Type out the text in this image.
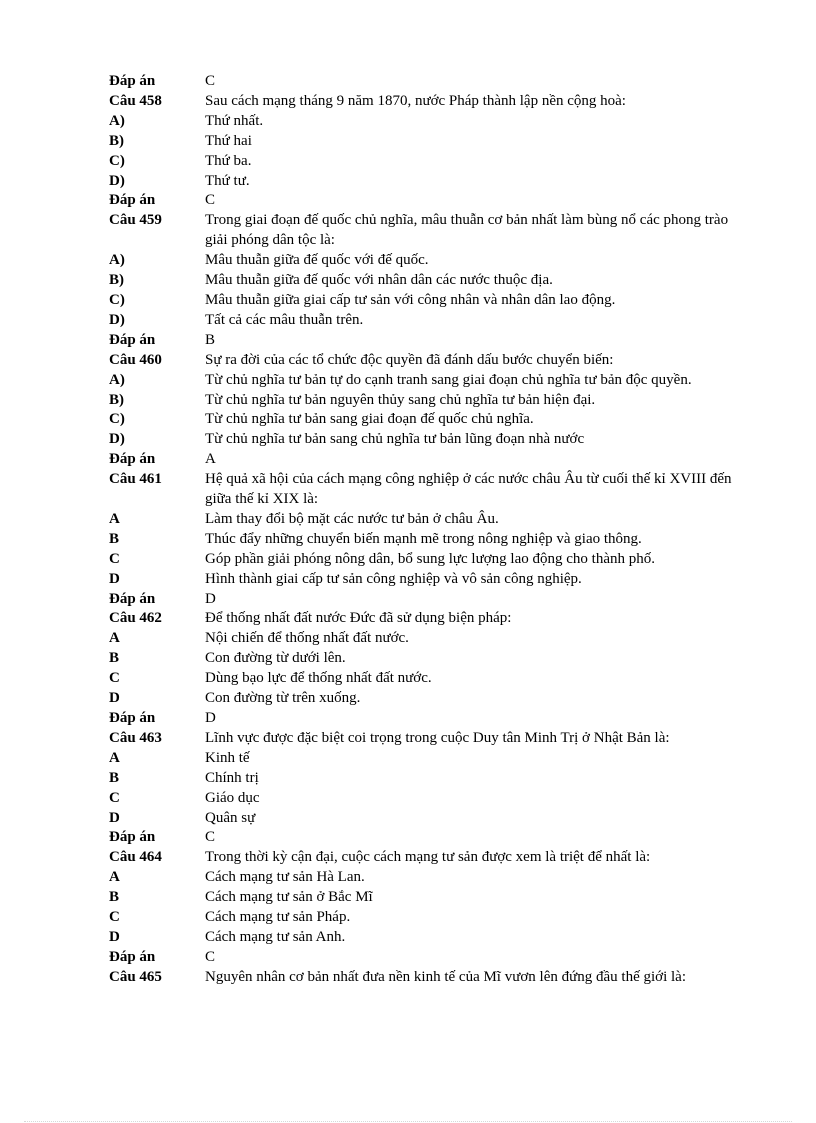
Đáp án	C
Câu 458	Sau cách mạng tháng 9 năm 1870, nước Pháp thành lập nền cộng hoà:
A)	Thứ nhất.
B)	Thứ hai
C)	Thứ ba.
D)	Thứ tư.
Đáp án	C
Câu 459	Trong giai đoạn đế quốc chủ nghĩa, mâu thuẫn cơ bản nhất làm bùng nổ các phong trào giải phóng dân tộc là:
A)	Mâu thuẫn giữa đế quốc với đế quốc.
B)	Mâu thuẫn giữa đế quốc với nhân dân các nước thuộc địa.
C)	Mâu thuẫn giữa giai cấp tư sản với công nhân và nhân dân lao động.
D)	Tất cả các mâu thuẫn trên.
Đáp án	B
Câu 460	Sự ra đời của các tổ chức độc quyền đã đánh dấu bước chuyển biến:
A)	Từ chủ nghĩa tư bản tự do cạnh tranh sang giai đoạn chủ nghĩa tư bản độc quyền.
B)	Từ chủ nghĩa tư bản nguyên thủy sang chủ nghĩa tư bản hiện đại.
C)	Từ chủ nghĩa tư bản sang giai đoạn đế quốc chủ nghĩa.
D)	Từ chủ nghĩa tư bản sang chủ nghĩa tư bản lũng đoạn nhà nước
Đáp án	A
Câu 461	Hệ quả xã hội của cách mạng công nghiệp ở các nước châu Âu từ cuối thế kỉ XVIII đến giữa thế kỉ XIX là:
A	Làm thay đổi bộ mặt các nước tư bản ở châu Âu.
B	Thúc đẩy những chuyển biến mạnh mẽ trong nông nghiệp và giao thông.
C	Góp phần giải phóng nông dân, bổ sung lực lượng lao động cho thành phố.
D	Hình thành giai cấp tư sản công nghiệp và vô sản công nghiệp.
Đáp án	D
Câu 462	Để thống nhất đất nước Đức đã sử dụng biện pháp:
A	Nội chiến để thống nhất đất nước.
B	Con đường từ dưới lên.
C	Dùng bạo lực để thống nhất đất nước.
D	Con đường từ trên xuống.
Đáp án	D
Câu 463	Lĩnh vực được đặc biệt coi trọng trong cuộc Duy tân Minh Trị ở Nhật Bản là:
A	Kinh tế
B	Chính trị
C	Giáo dục
D	Quân sự
Đáp án	C
Câu 464	Trong thời kỳ cận đại, cuộc cách mạng tư sản được xem là triệt để nhất là:
A	Cách mạng tư sản Hà Lan.
B	Cách mạng tư sản ở Bắc Mĩ
C	Cách mạng tư sản Pháp.
D	Cách mạng tư sản Anh.
Đáp án	C
Câu 465	Nguyên nhân cơ bản nhất đưa nền kinh tế của Mĩ vươn lên đứng đầu thế giới là:
